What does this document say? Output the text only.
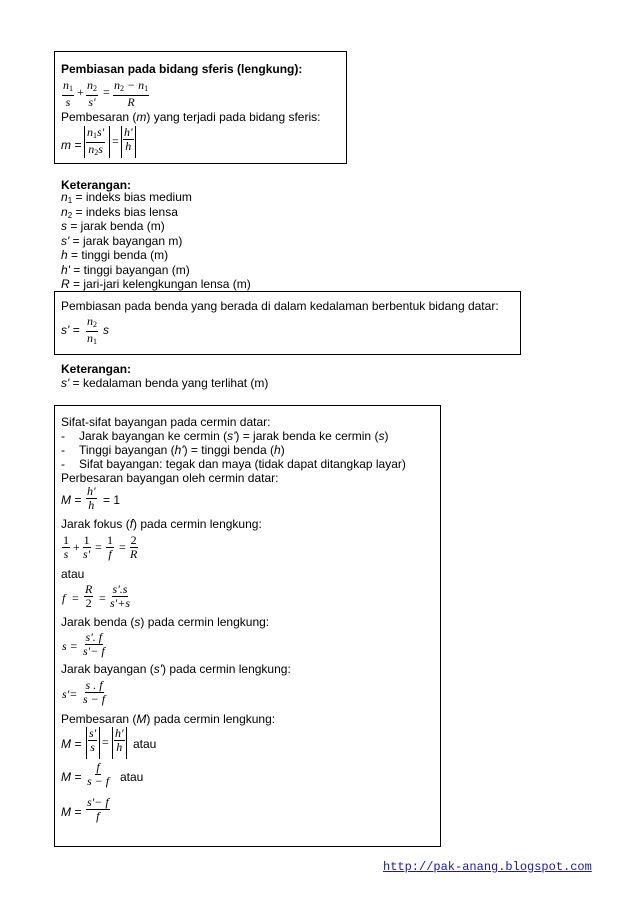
Pembiasan pada bidang sferis (lengkung):
$\frac{n_1}{s} + \frac{n_2}{s'} = \frac{n_2 - n_1}{R}$
Pembesaran (m) yang terjadi pada bidang sferis:
$m = \frac{n_1s'}{n_2s} = \frac{h'}{h}$
Keterangan:
$n_1$ = indeks bias medium
$n_2$ = indeks bias lensa
s = jarak benda (m)
s' = jarak bayangan m)
h = tinggi benda (m)
h' = tinggi bayangan (m)
R = jari-jari kelengkungan lensa (m)
Pembiasan pada benda yang berada di dalam kedalaman berbentuk bidang datar:
$s' = \frac{n_2}{n_1}$ s
Keterangan:
s' = kedalaman benda yang terlihat (m)
Sifat-sifat bayangan pada cermin datar:
- Jarak bayangan ke cermin (s') = jarak benda ke cermin (s)
- Tinggi bayangan (h') = tinggi benda (h)
- Sifat bayangan: tegak dan maya (tidak dapat ditangkap layar)
Perbesaran bayangan oleh cermin datar:
$M = \frac{h'}{h} = 1$
Jarak fokus (f) pada cermin lengkung:
$\frac{1}{s} + \frac{1}{s'} = \frac{1}{f} = \frac{2}{R}$
atau
$f = \frac{R}{2} = \frac{s'.s}{s'+s}$
Jarak benda (s) pada cermin lengkung:
$s = \frac{s'. f}{s'- f}$
Jarak bayangan (s') pada cermin lengkung:
$s'= \frac{s . f}{s - f}$
Pembesaran (M) pada cermin lengkung:
$M = \frac{s'}{s} = \frac{h'}{h}$ atau
$M = \frac{f}{s - f}$ atau
$M = \frac{s'- f}{f}$
http://pak-anang.blogspot.com
